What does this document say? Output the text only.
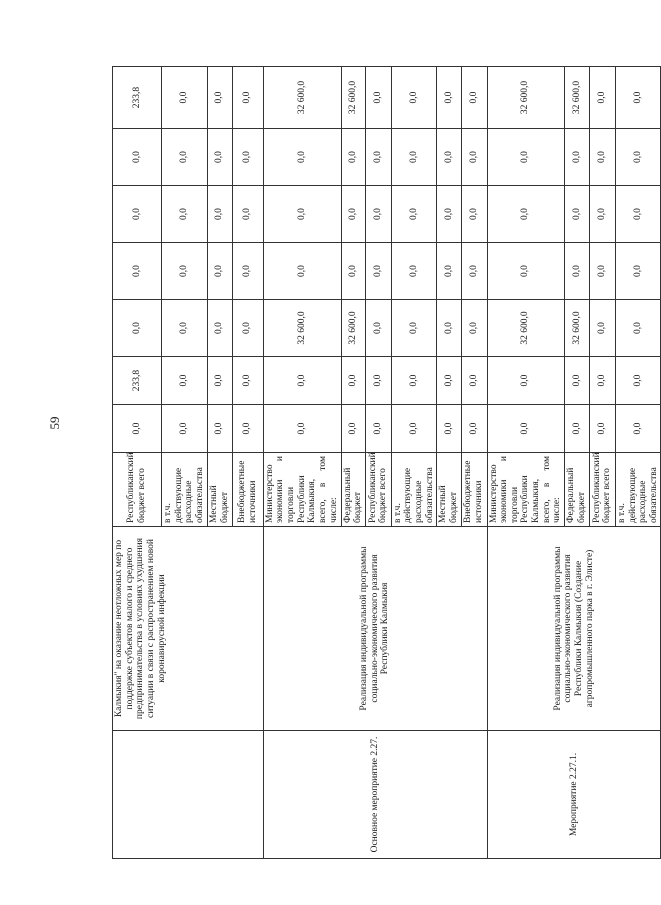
59
	Калмыкия" на оказание неотложных мер по поддержке субъектов малого и среднего предпринимательства в условиях ухудшения ситуации в связи с распространением новой коронавирусной инфекции	Республиканский бюджет всего	0,0	233,8	0,0	0,0	0,0	0,0	233,8
		в т.ч. действующие расходные обязательства	0,0	0,0	0,0	0,0	0,0	0,0	0,0
		Местный бюджет	0,0	0,0	0,0	0,0	0,0	0,0	0,0
		Внебюджетные источники	0,0	0,0	0,0	0,0	0,0	0,0	0,0
Основное мероприятие 2.27.	Реализация индивидуальной программы социально-экономического развития Республики Калмыкия	Министерство экономики и торговли Республики Калмыкия, всего, в том числе:	0,0	0,0	32 600,0	0,0	0,0	0,0	32 600,0
		Федеральный бюджет	0,0	0,0	32 600,0	0,0	0,0	0,0	32 600,0
		Республиканский бюджет всего	0,0	0,0	0,0	0,0	0,0	0,0	0,0
		в т.ч. действующие расходные обязательства	0,0	0,0	0,0	0,0	0,0	0,0	0,0
		Местный бюджет	0,0	0,0	0,0	0,0	0,0	0,0	0,0
		Внебюджетные источники	0,0	0,0	0,0	0,0	0,0	0,0	0,0
Мероприятие 2.27.1.	Реализация индивидуальной программы социально-экономического развития Республики Калмыкия (Создание агропромышленного парка в г. Элисте)	Министерство экономики и торговли Республики Калмыкия, всего, в том числе:	0,0	0,0	32 600,0	0,0	0,0	0,0	32 600,0
		Федеральный бюджет	0,0	0,0	32 600,0	0,0	0,0	0,0	32 600,0
		Республиканский бюджет всего	0,0	0,0	0,0	0,0	0,0	0,0	0,0
		в т.ч. действующие расходные обязательства	0,0	0,0	0,0	0,0	0,0	0,0	0,0
